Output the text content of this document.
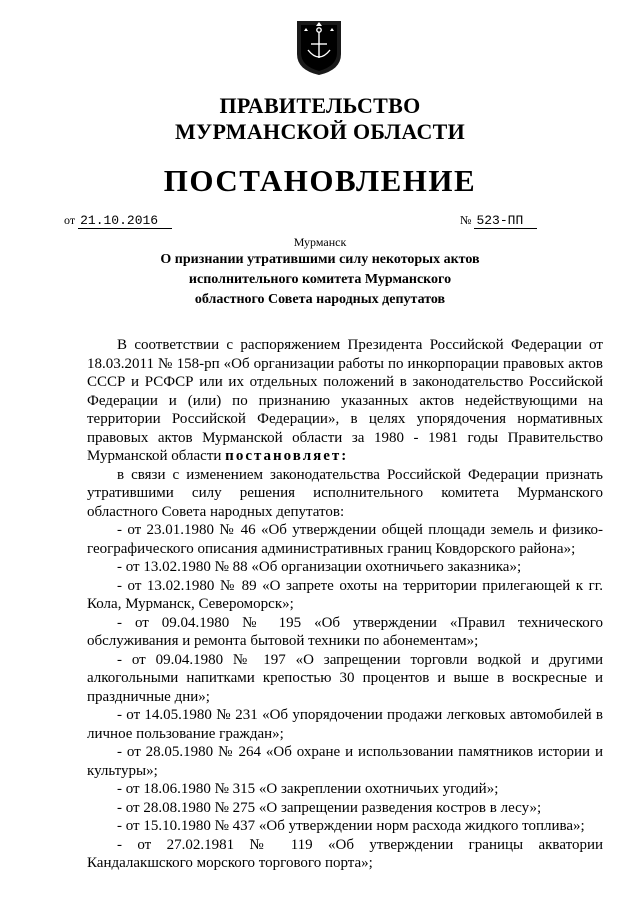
ПРАВИТЕЛЬСТВО
МУРМАНСКОЙ ОБЛАСТИ
ПОСТАНОВЛЕНИЕ
от 21.10.2016	№ 523-ПП
Мурманск
О признании утратившими силу некоторых актов
исполнительного комитета Мурманского
областного Совета народных депутатов

В соответствии с распоряжением Президента Российской Федерации от 18.03.2011 № 158-рп «Об организации работы по инкорпорации правовых актов СССР и РСФСР или их отдельных положений в законодательство Российской Федерации и (или) по признанию указанных актов недействующими на территории Российской Федерации», в целях упорядочения нормативных правовых актов Мурманской области за 1980 - 1981 годы Правительство Мурманской области постановляет:

в связи с изменением законодательства Российской Федерации признать утратившими силу решения исполнительного комитета Мурманского областного Совета народных депутатов:

- от 23.01.1980 № 46 «Об утверждении общей площади земель и физико-географического описания административных границ Ковдорского района»;

- от 13.02.1980 № 88 «Об организации охотничьего заказника»;

- от 13.02.1980 № 89 «О запрете охоты на территории прилегающей к гг. Кола, Мурманск, Североморск»;

- от 09.04.1980 № 195 «Об утверждении «Правил технического обслуживания и ремонта бытовой техники по абонементам»;

- от 09.04.1980 № 197 «О запрещении торговли водкой и другими алкогольными напитками крепостью 30 процентов и выше в воскресные и праздничные дни»;

- от 14.05.1980 № 231 «Об упорядочении продажи легковых автомобилей в личное пользование граждан»;

- от 28.05.1980 № 264 «Об охране и использовании памятников истории и культуры»;

- от 18.06.1980 № 315 «О закреплении охотничьих угодий»;

- от 28.08.1980 № 275 «О запрещении разведения костров в лесу»;

- от 15.10.1980 № 437 «Об утверждении норм расхода жидкого топлива»;

- от 27.02.1981 № 119 «Об утверждении границы акватории Кандалакшского морского торгового порта»;
